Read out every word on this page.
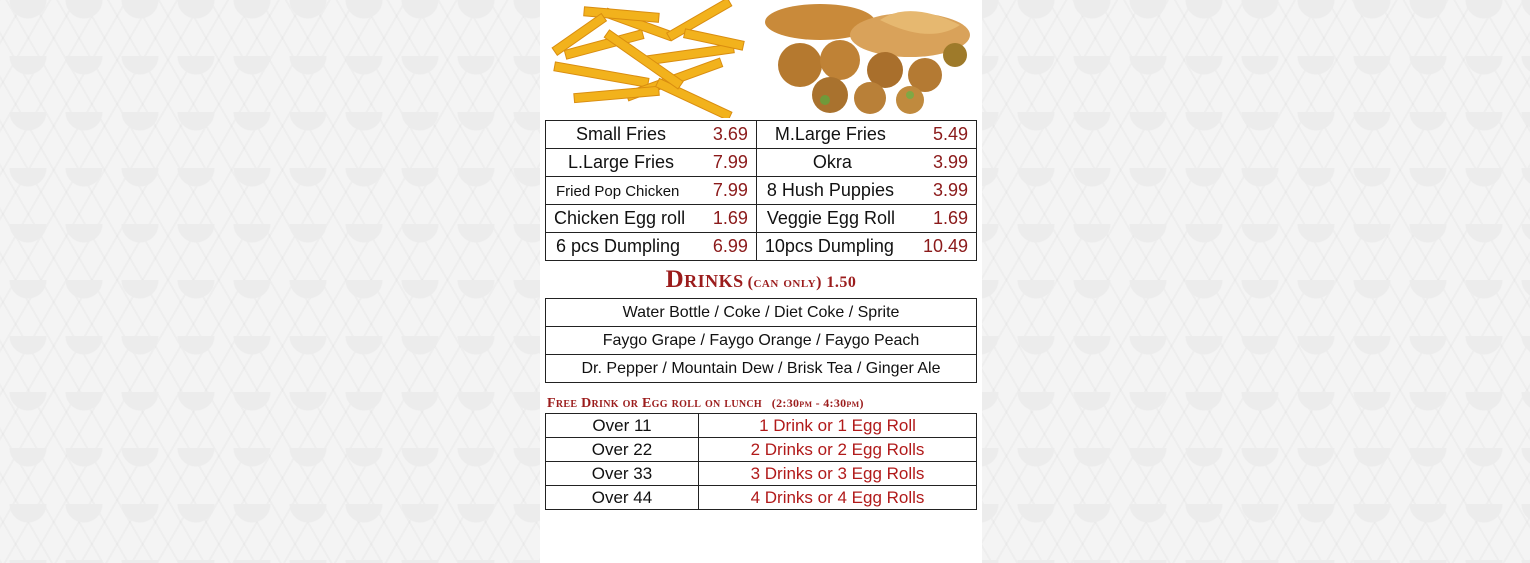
Small Fries 3.69	M.Large Fries 5.49

L.Large Fries 7.99	Okra 3.99

Fried Pop Chicken 7.99	8 Hush Puppies 3.99

Chicken Egg roll 1.69	Veggie Egg Roll 1.69

6 pcs Dumpling 6.99	10pcs Dumpling 10.49
Drinks (can only) 1.50
Water Bottle / Coke / Diet Coke / Sprite
Faygo Grape / Faygo Orange / Faygo Peach
Dr. Pepper / Mountain Dew / Brisk Tea / Ginger Ale
Free Drink or Egg roll on lunch (2:30pm - 4:30pm)
Over 11	1 Drink or 1 Egg Roll
Over 22	2 Drinks or 2 Egg Rolls
Over 33	3 Drinks or 3 Egg Rolls
Over 44	4 Drinks or 4 Egg Rolls
